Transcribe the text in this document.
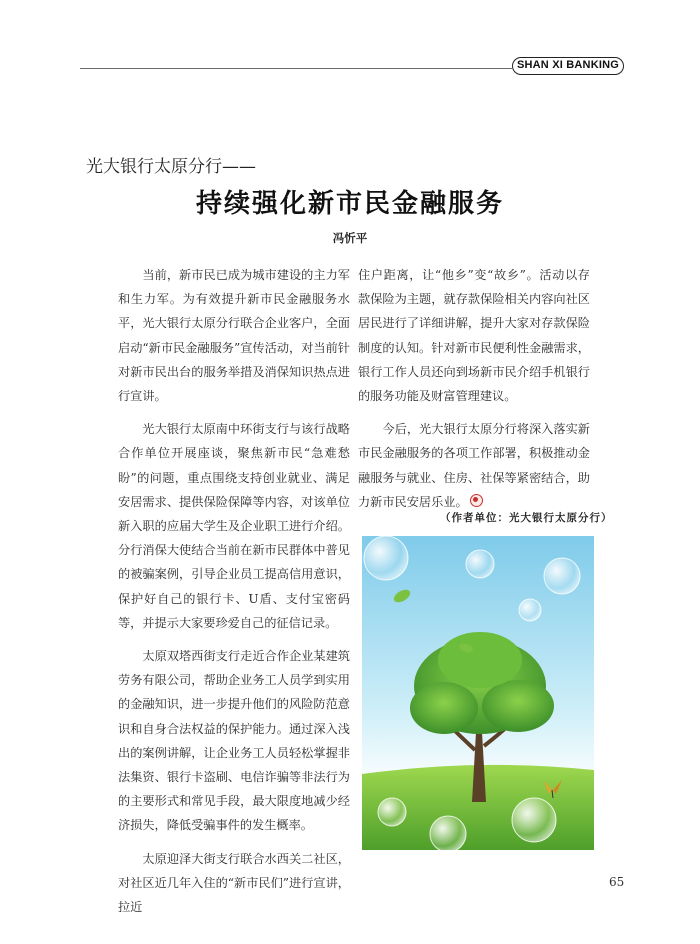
SHAN XI BANKING
光大银行太原分行——
持续强化新市民金融服务
冯忻平

当前，新市民已成为城市建设的主力军和生力军。为有效提升新市民金融服务水平，光大银行太原分行联合企业客户，全面启动“新市民金融服务”宣传活动，对当前针对新市民出台的服务举措及消保知识热点进行宣讲。

光大银行太原南中环街支行与该行战略合作单位开展座谈，聚焦新市民“急难愁盼”的问题，重点围绕支持创业就业、满足安居需求、提供保险保障等内容，对该单位新入职的应届大学生及企业职工进行介绍。分行消保大使结合当前在新市民群体中普见的被骗案例，引导企业员工提高信用意识，保护好自己的银行卡、U盾、支付宝密码等，并提示大家要珍爱自己的征信记录。

太原双塔西街支行走近合作企业某建筑劳务有限公司，帮助企业务工人员学到实用的金融知识，进一步提升他们的风险防范意识和自身合法权益的保护能力。通过深入浅出的案例讲解，让企业务工人员轻松掌握非法集资、银行卡盗刷、电信诈骗等非法行为的主要形式和常见手段，最大限度地减少经济损失，降低受骗事件的发生概率。

太原迎泽大街支行联合水西关二社区，对社区近几年入住的“新市民们”进行宣讲，拉近

住户距离，让“他乡”变“故乡”。活动以存款保险为主题，就存款保险相关内容向社区居民进行了详细讲解，提升大家对存款保险制度的认知。针对新市民便利性金融需求，银行工作人员还向到场新市民介绍手机银行的服务功能及财富管理建议。

今后，光大银行太原分行将深入落实新市民金融服务的各项工作部署，积极推动金融服务与就业、住房、社保等紧密结合，助力新市民安居乐业。

（作者单位：光大银行太原分行）
65
